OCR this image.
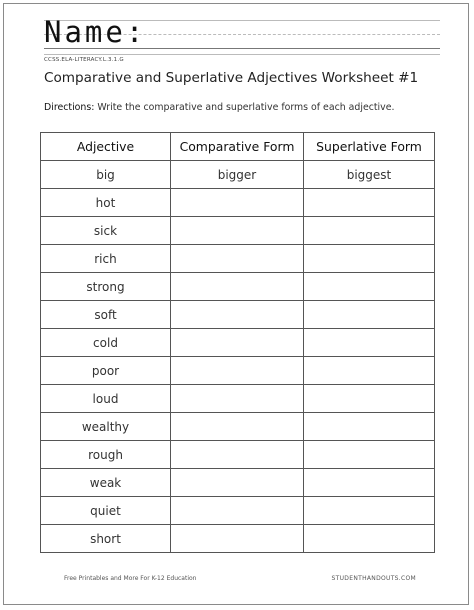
Name:
CCSS.ELA-LITERACY.L.3.1.G
Comparative and Superlative Adjectives Worksheet #1
Directions: Write the comparative and superlative forms of each adjective.
Adjective	Comparative Form	Superlative Form
big	bigger	biggest
hot		
sick		
rich		
strong		
soft		
cold		
poor		
loud		
wealthy		
rough		
weak		
quiet		
short		
Free Printables and More For K-12 Education	STUDENTHANDOUTS.COM
